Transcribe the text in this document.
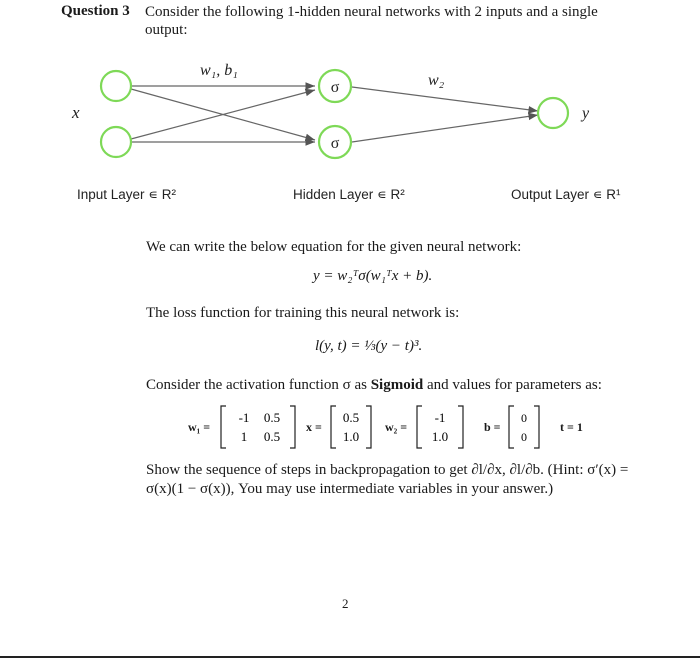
Question 3 Consider the following 1-hidden neural networks with 2 inputs and a single
output:
σ
σ
x	y
w₁, b₁
w₂
Input Layer ∊ R²	Hidden Layer ∊ R²	Output Layer ∊ R¹
We can write the below equation for the given neural network:
y = w₂ᵀσ(w₁ᵀx + b).
The loss function for training this neural network is:
l(y, t) = ⅓(y − t)³.
Consider the activation function σ as Sigmoid and values for parameters as:
w₁ =
-1 0.5
1 0.5
x =
0.5
1.0
w₂ =
-1
1.0
b =
0
0
t = 1
Show the sequence of steps in backpropagation to get ∂l/∂x, ∂l/∂b. (Hint: σ′(x) =
σ(x)(1 − σ(x)), You may use intermediate variables in your answer.)
2
